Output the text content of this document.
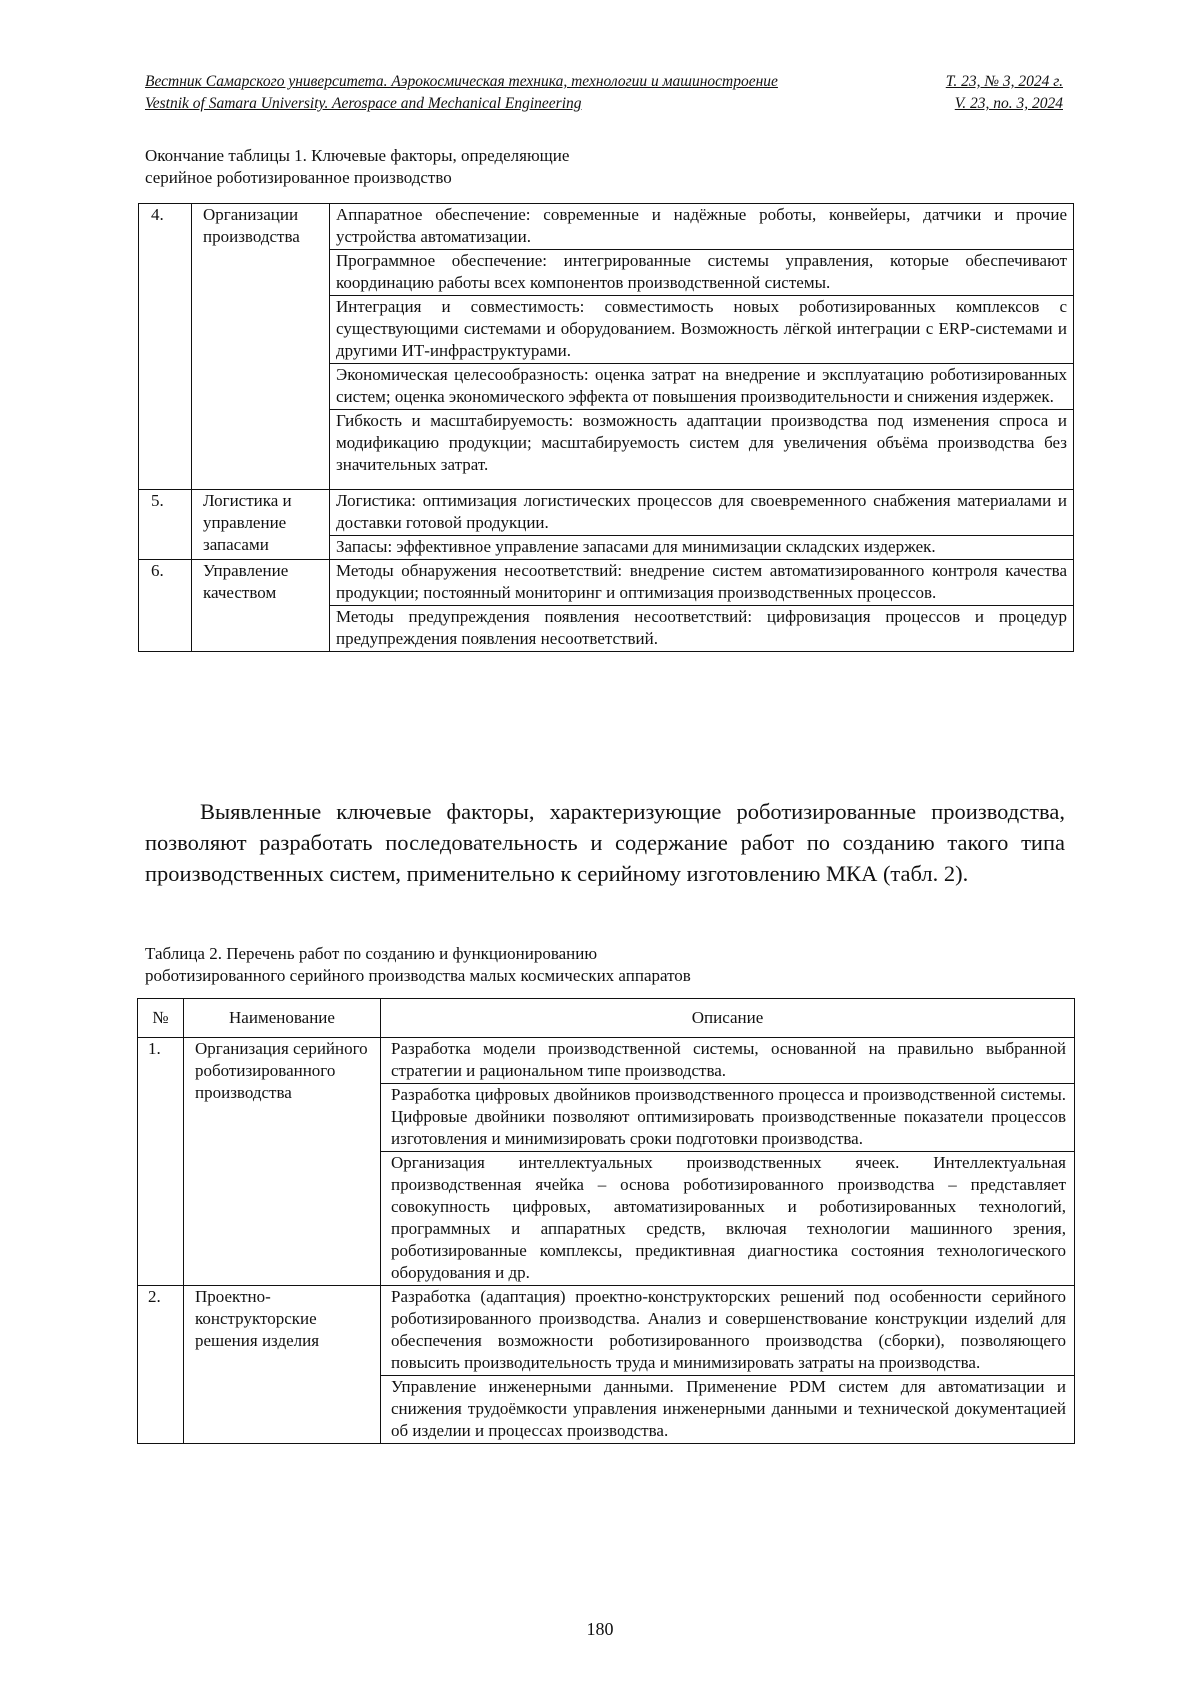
Вестник Самарского университета. Аэрокосмическая техника, технологии и машиностроение	Т. 23, № 3, 2024 г.
Vestnik of Samara University. Aerospace and Mechanical Engineering	V. 23, no. 3, 2024
Окончание таблицы 1. Ключевые факторы, определяющие
серийное роботизированное производство
4.	Организации производства	Аппаратное обеспечение: современные и надёжные роботы, конвейеры, датчики и прочие устройства автоматизации.
		Программное обеспечение: интегрированные системы управления, которые обеспечивают координацию работы всех компонентов производственной системы.
		Интеграция и совместимость: совместимость новых роботизированных комплексов с существующими системами и оборудованием. Возможность лёгкой интеграции с ERP-системами и другими ИТ-инфраструктурами.
		Экономическая целесообразность: оценка затрат на внедрение и эксплуатацию роботизированных систем; оценка экономического эффекта от повышения производительности и снижения издержек.
		Гибкость и масштабируемость: возможность адаптации производства под изменения спроса и модификацию продукции; масштабируемость систем для увеличения объёма производства без значительных затрат.
5.	Логистика и управление запасами	Логистика: оптимизация логистических процессов для своевременного снабжения материалами и доставки готовой продукции.
		Запасы: эффективное управление запасами для минимизации складских издержек.
6.	Управление качеством	Методы обнаружения несоответствий: внедрение систем автоматизированного контроля качества продукции; постоянный мониторинг и оптимизация производственных процессов.
		Методы предупреждения появления несоответствий: цифровизация процессов и процедур предупреждения появления несоответствий.

Выявленные ключевые факторы, характеризующие роботизированные производства, позволяют разработать последовательность и содержание работ по созданию такого типа производственных систем, применительно к серийному изготовлению МКА (табл. 2).

Таблица 2. Перечень работ по созданию и функционированию
роботизированного серийного производства малых космических аппаратов
№	Наименование	Описание
1.	Организация серийного роботизированного производства	Разработка модели производственной системы, основанной на правильно выбранной стратегии и рациональном типе производства.
		Разработка цифровых двойников производственного процесса и производственной системы. Цифровые двойники позволяют оптимизировать производственные показатели процессов изготовления и минимизировать сроки подготовки производства.
		Организация интеллектуальных производственных ячеек. Интеллектуальная производственная ячейка – основа роботизированного производства – представляет совокупность цифровых, автоматизированных и роботизированных технологий, программных и аппаратных средств, включая технологии машинного зрения, роботизированные комплексы, предиктивная диагностика состояния технологического оборудования и др.
2.	Проектно-конструкторские решения изделия	Разработка (адаптация) проектно-конструкторских решений под особенности серийного роботизированного производства. Анализ и совершенствование конструкции изделий для обеспечения возможности роботизированного производства (сборки), позволяющего повысить производительность труда и минимизировать затраты на производства.
		Управление инженерными данными. Применение PDM систем для автоматизации и снижения трудоёмкости управления инженерными данными и технической документацией об изделии и процессах производства.
180
